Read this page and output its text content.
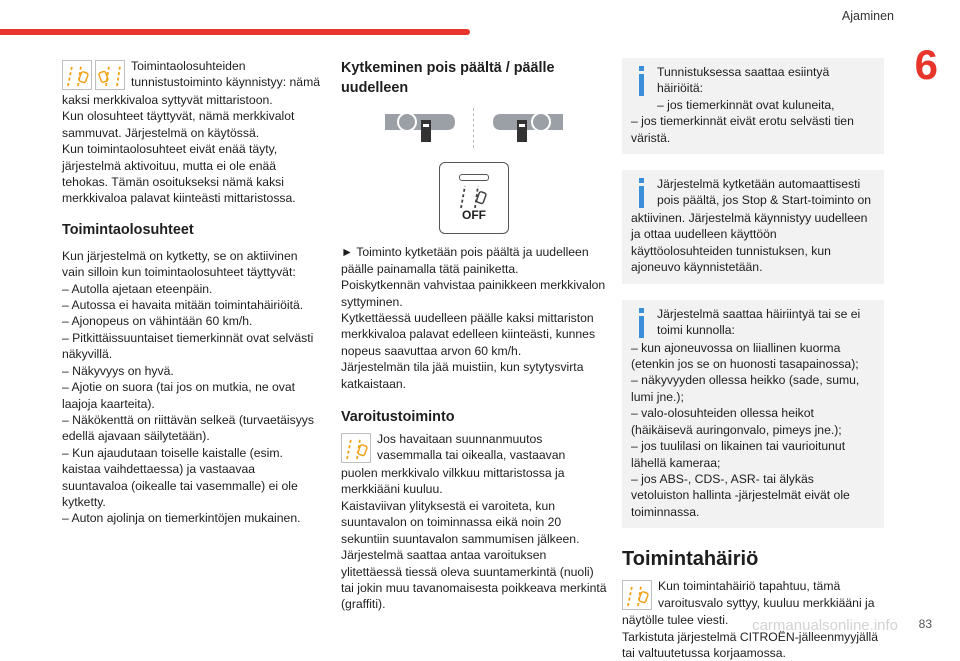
Ajaminen
6

Toimintaolosuhteiden tunnistustoiminto käynnistyy: nämä

kaksi merkkivaloa syttyvät mittaristoon.
Kun olosuhteet täyttyvät, nämä merkkivalot sammuvat. Järjestelmä on käytössä.
Kun toimintaolosuhteet eivät enää täyty, järjestelmä aktivoituu, mutta ei ole enää tehokas. Tämän osoitukseksi nämä kaksi merkkivaloa palavat kiinteästi mittaristossa.

Toimintaolosuhteet

Kun järjestelmä on kytketty, se on aktiivinen vain silloin kun toimintaolosuhteet täyttyvät:
– Autolla ajetaan eteenpäin.
– Autossa ei havaita mitään toimintahäiriöitä.
– Ajonopeus on vähintään 60 km/h.
– Pitkittäissuuntaiset tiemerkinnät ovat selvästi näkyvillä.
– Näkyvyys on hyvä.
– Ajotie on suora (tai jos on mutkia, ne ovat laajoja kaarteita).
– Näkökenttä on riittävän selkeä (turvaetäisyys edellä ajavaan säilytetään).
– Kun ajaudutaan toiselle kaistalle (esim. kaistaa vaihdettaessa) ja vastaavaa suuntavaloa (oikealle tai vasemmalle) ei ole kytketty.
– Auton ajolinja on tiemerkintöjen mukainen.

Kytkeminen pois päältä / päälle uudelleen

OFF

► Toiminto kytketään pois päältä ja uudelleen päälle painamalla tätä painiketta.
Poiskytkennän vahvistaa painikkeen merkkivalon syttyminen.
Kytkettäessä uudelleen päälle kaksi mittariston merkkivaloa palavat edelleen kiinteästi, kunnes nopeus saavuttaa arvon 60 km/h.
Järjestelmän tila jää muistiin, kun sytytysvirta katkaistaan.

Varoitustoiminto

Jos havaitaan suunnanmuutos vasemmalla tai oikealla, vastaavan

puolen merkkivalo vilkkuu mittaristossa ja merkkiääni kuuluu.
Kaistaviivan ylityksestä ei varoiteta, kun suuntavalon on toiminnassa eikä noin 20 sekuntiin suuntavalon sammumisen jälkeen.
Järjestelmä saattaa antaa varoituksen ylitettäessä tiessä oleva suuntamerkintä (nuoli) tai jokin muu tavanomaisesta poikkeava merkintä (graffiti).

Tunnistuksessa saattaa esiintyä häiriöitä:
– jos tiemerkinnät ovat kuluneita,

– jos tiemerkinnät eivät erotu selvästi tien väristä.

Järjestelmä kytketään automaattisesti pois päältä, jos Stop & Start-toiminto on

aktiivinen. Järjestelmä käynnistyy uudelleen ja ottaa uudelleen käyttöön käyttöolosuhteiden tunnistuksen, kun ajoneuvo käynnistetään.

Järjestelmä saattaa häiriintyä tai se ei toimi kunnolla:

– kun ajoneuvossa on liiallinen kuorma (etenkin jos se on huonosti tasapainossa);
– näkyvyyden ollessa heikko (sade, sumu, lumi jne.);
– valo-olosuhteiden ollessa heikot (häikäisevä auringonvalo, pimeys jne.);
– jos tuulilasi on likainen tai vaurioitunut lähellä kameraa;
– jos ABS-, CDS-, ASR- tai älykäs vetoluiston hallinta -järjestelmät eivät ole toiminnassa.

Toimintahäiriö

Kun toimintahäiriö tapahtuu, tämä varoitusvalo syttyy, kuuluu merkkiääni ja

näytölle tulee viesti.
Tarkistuta järjestelmä CITROËN-jälleenmyyjällä tai valtuutetussa korjaamossa.

carmanualsonline.info 83
